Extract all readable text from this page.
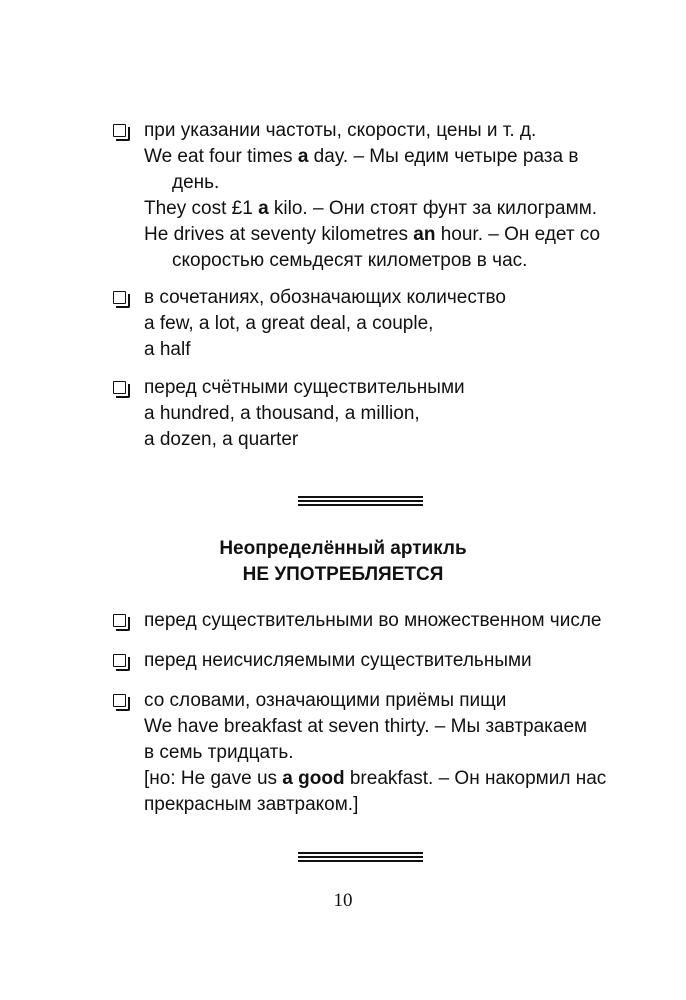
при указании частоты, скорости, цены и т. д.
We eat four times a day. – Мы едим четыре раза в
день.
They cost £1 a kilo. – Они стоят фунт за килограмм.
He drives at seventy kilometres an hour. – Он едет со
скоростью семьдесят километров в час.
в сочетаниях, обозначающих количество
a few, a lot, a great deal, a couple,
a half
перед счётными существительными
a hundred, a thousand, a million,
a dozen, a quarter
Неопределённый артикль
НЕ УПОТРЕБЛЯЕТСЯ
перед существительными во множественном числе
перед неисчисляемыми существительными
со словами, означающими приёмы пищи
We have breakfast at seven thirty. – Мы завтракаем
в семь тридцать.
[но: He gave us a good breakfast. – Он накормил нас
прекрасным завтраком.]
10
